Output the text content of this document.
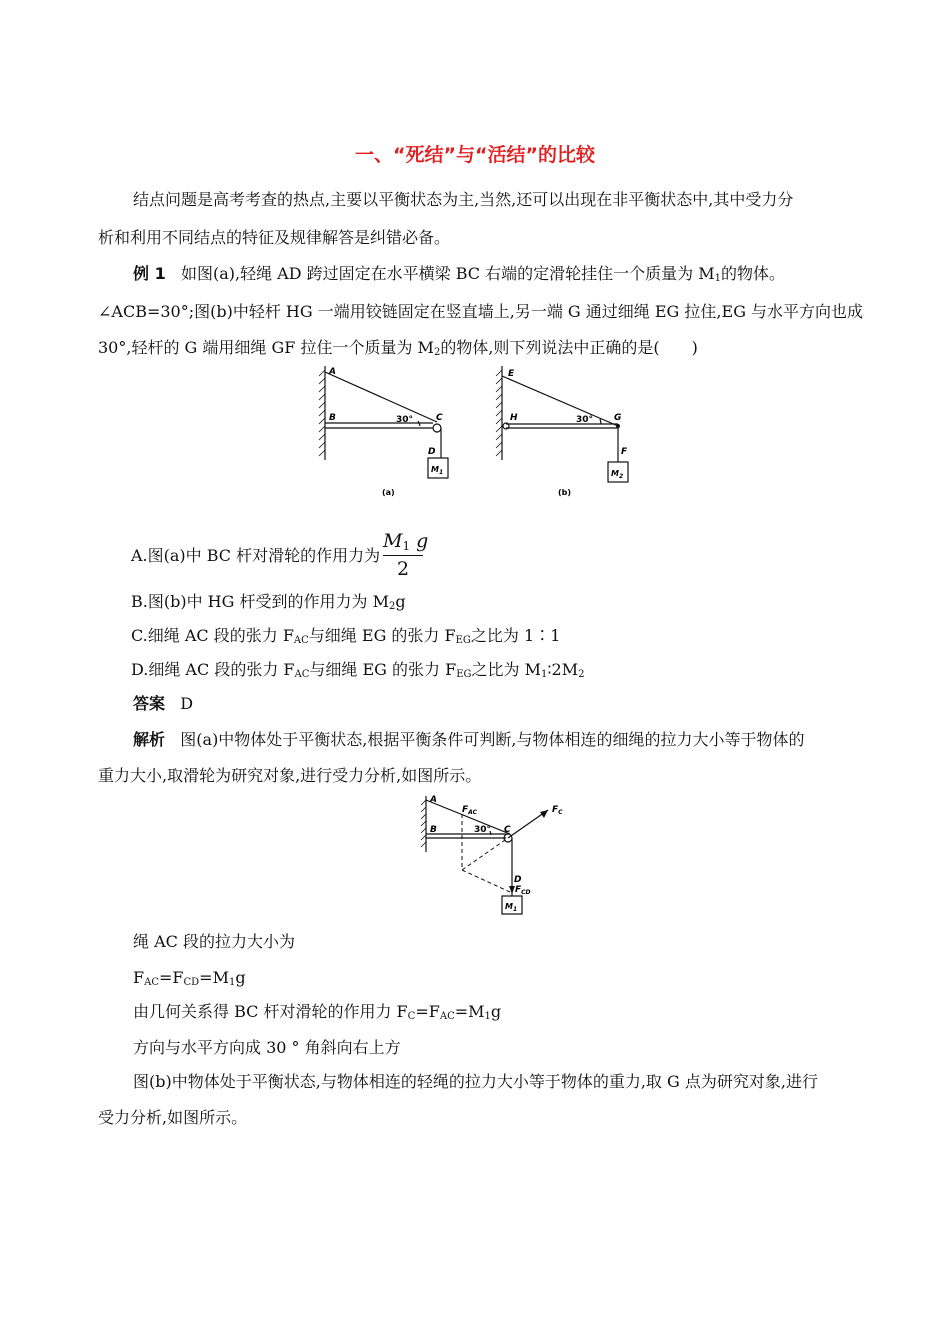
一、“死结”与“活结”的比较
结点问题是高考考查的热点,主要以平衡状态为主,当然,还可以出现在非平衡状态中,其中受力分
析和利用不同结点的特征及规律解答是纠错必备。
例 1 如图(a),轻绳 AD 跨过固定在水平横梁 BC 右端的定滑轮挂住一个质量为 $M_1$的物体。
∠ACB=30°;图(b)中轻杆 HG 一端用铰链固定在竖直墙上,另一端 G 通过细绳 EG 拉住,EG 与水平方向也成
30°,轻杆的 G 端用细绳 GF 拉住一个质量为 $M_2$的物体,则下列说法中正确的是(　　)
A
B	C
D
30°
$M_1$
(a)
E
H	G
F
30°
$M_2$
(b)
A.图(a)中 BC 杆对滑轮的作用力为 $\frac{M1 g}{2}$
B.图(b)中 HG 杆受到的作用力为 $M_2g$
C.细绳 AC 段的张力 $F_{AC}$与细绳 EG 的张力 $F_{EG}$之比为 1∶1
D.细绳 AC 段的张力 $F_{AC}$与细绳 EG 的张力 $F_{EG}$之比为 $M_1∶2M_2$
答案 D
解析 图(a)中物体处于平衡状态,根据平衡条件可判断,与物体相连的细绳的拉力大小等于物体的
重力大小,取滑轮为研究对象,进行受力分析,如图所示。
A
B	C
D
30°
$F_{AC}$	$F_C$
$F_{CD}$
$M_1$
绳 AC 段的拉力大小为
$F_{AC}=F_{CD}=M_1g$
由几何关系得 BC 杆对滑轮的作用力 $F_C=F_{AC}=M_1g$
方向与水平方向成 30 ° 角斜向右上方
图(b)中物体处于平衡状态,与物体相连的轻绳的拉力大小等于物体的重力,取 G 点为研究对象,进行
受力分析,如图所示。
